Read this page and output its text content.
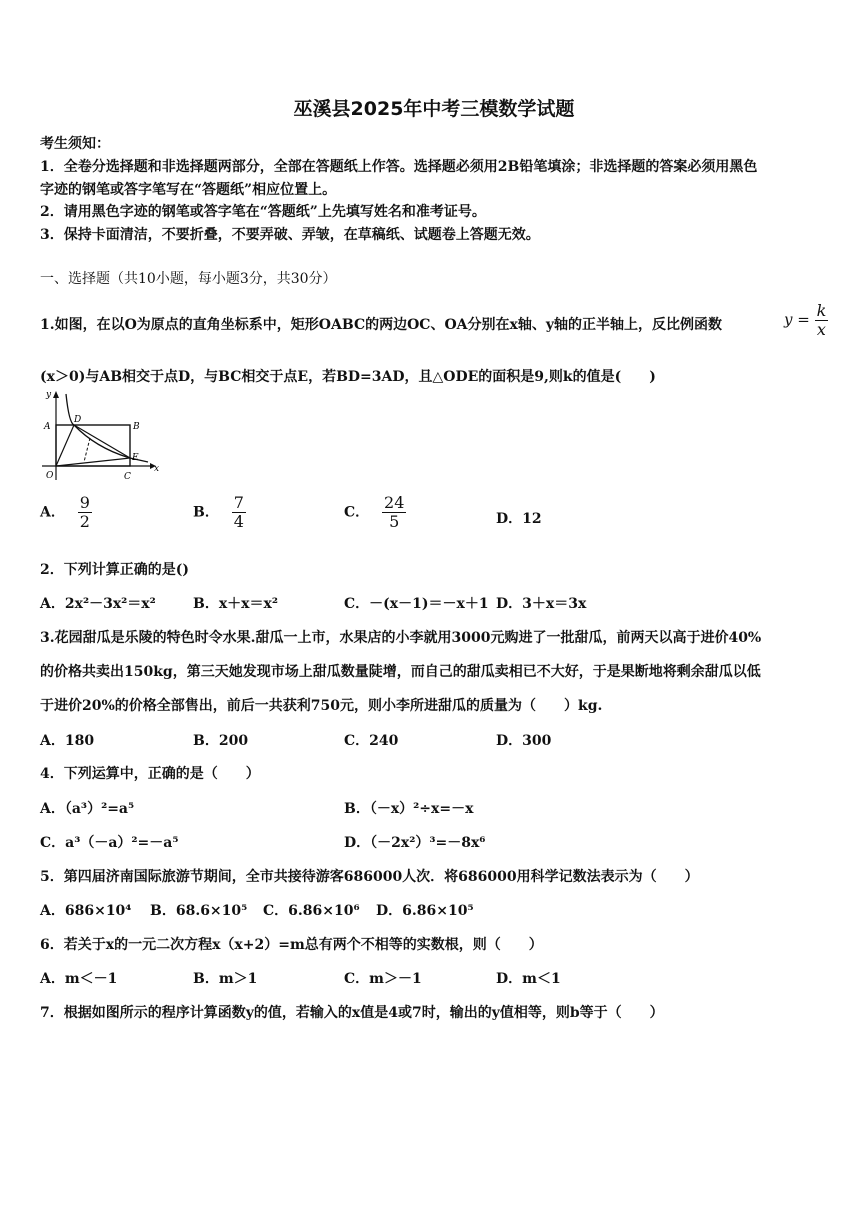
巫溪县2025年中考三模数学试题
考生须知：
1．全卷分选择题和非选择题两部分，全部在答题纸上作答。选择题必须用2B铅笔填涂；非选择题的答案必须用黑色
字迹的钢笔或答字笔写在“答题纸”相应位置上。
2．请用黑色字迹的钢笔或答字笔在“答题纸”上先填写姓名和准考证号。
3．保持卡面清洁，不要折叠，不要弄破、弄皱，在草稿纸、试题卷上答题无效。
一、选择题（共10小题，每小题3分，共30分）
1.如图，在以O为原点的直角坐标系中，矩形OABC的两边OC、OA分别在x轴、y轴的正半轴上，反比例函数	$y = \frac{k}{x}$
(x＞0)与AB相交于点D，与BC相交于点E，若BD=3AD，且△ODE的面积是9,则k的值是(　　)
y
x
O
A	B
C
D
E
A． $\frac{9}{2}$	B． $\frac{7}{4}$	C． $\frac{24}{5}$	D．12
2．下列计算正确的是()
A．2x²－3x²＝x²	B．x＋x＝x²	C．－(x－1)＝－x＋1 D．3＋x＝3x
3.花园甜瓜是乐陵的特色时令水果.甜瓜一上市，水果店的小李就用3000元购进了一批甜瓜，前两天以高于进价40%
的价格共卖出150kg，第三天她发现市场上甜瓜数量陡增，而自己的甜瓜卖相已不大好，于是果断地将剩余甜瓜以低
于进价20%的价格全部售出，前后一共获利750元，则小李所进甜瓜的质量为（　　）kg.
A．180	B．200	C．240	D．300
4．下列运算中，正确的是（　　）
A．（a³）²=a⁵	B．（－x）²÷x=－x
C．a³（－a）²=－a⁵	D．（－2x²）³=－8x⁶
5．第四届济南国际旅游节期间，全市共接待游客686000人次．将686000用科学记数法表示为（　　）
A．686×10⁴ B．68.6×10⁵ C．6.86×10⁶ D．6.86×10⁵
6．若关于x的一元二次方程x（x+2）=m总有两个不相等的实数根，则（　　）
A．m＜－1	B．m＞1	C．m＞－1	D．m＜1
7．根据如图所示的程序计算函数y的值，若输入的x值是4或7时，输出的y值相等，则b等于（　　）
